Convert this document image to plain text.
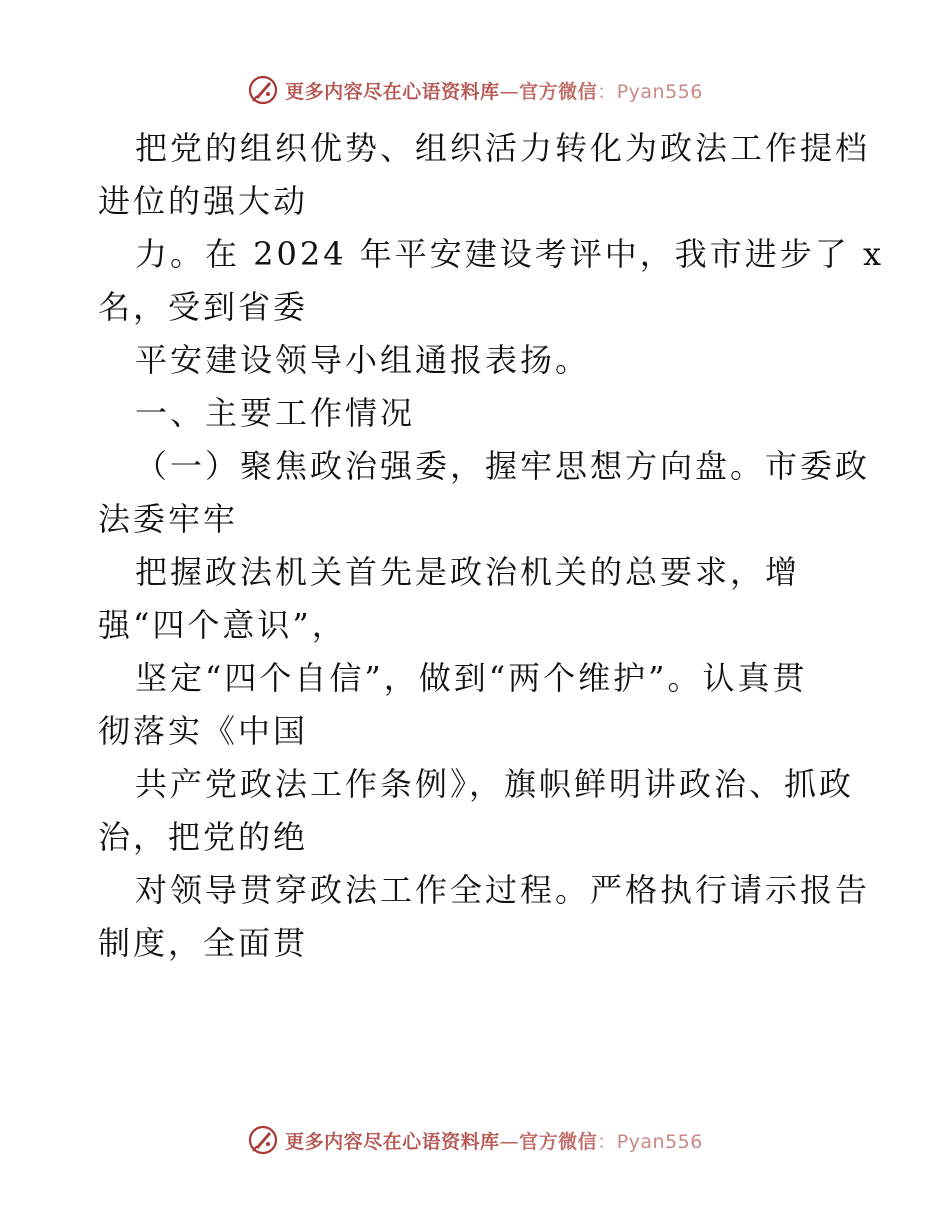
更多内容尽在心语资料库—官方微信：Pyan556
把党的组织优势、组织活力转化为政法工作提档
进位的强大动
力。在 2024 年平安建设考评中，我市进步了 x
名，受到省委
平安建设领导小组通报表扬。
一、主要工作情况
（一）聚焦政治强委，握牢思想方向盘。市委政
法委牢牢
把握政法机关首先是政治机关的总要求，增
强“四个意识”，
坚定“四个自信”，做到“两个维护”。认真贯
彻落实《中国
共产党政法工作条例》，旗帜鲜明讲政治、抓政
治，把党的绝
对领导贯穿政法工作全过程。严格执行请示报告
制度，全面贯
更多内容尽在心语资料库—官方微信：Pyan556
